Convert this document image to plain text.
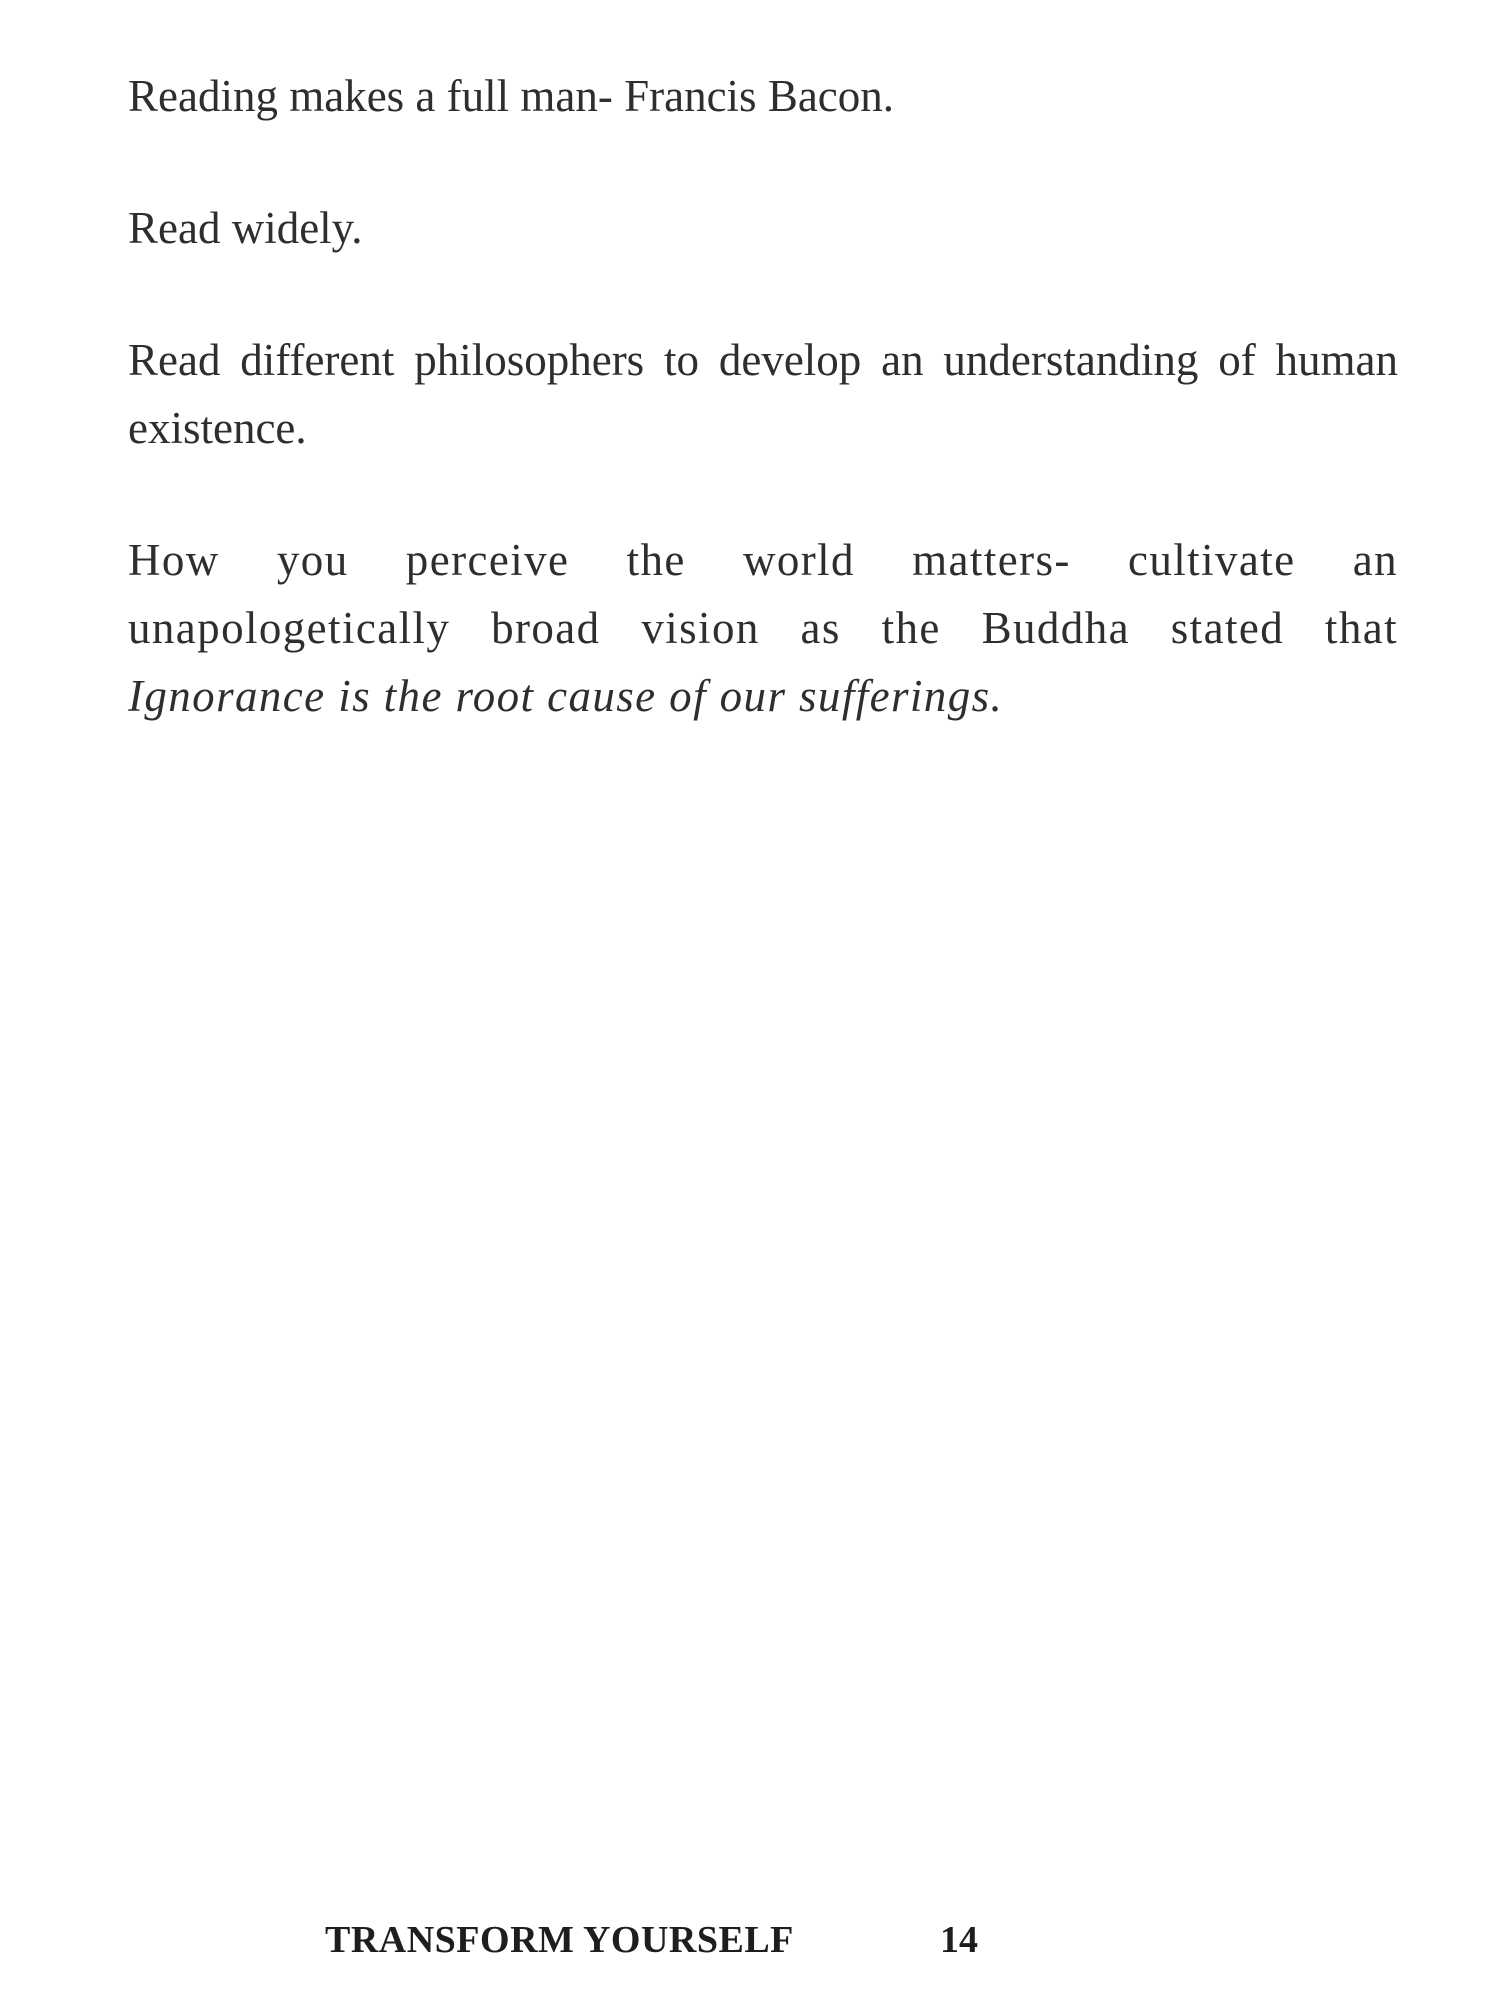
Reading makes a full man- Francis Bacon.

Read widely.

Read different philosophers to develop an understanding of human existence.

How you perceive the world matters- cultivate an unapologetically broad vision as the Buddha stated that Ignorance is the root cause of our sufferings.

TRANSFORM YOURSELF	14
